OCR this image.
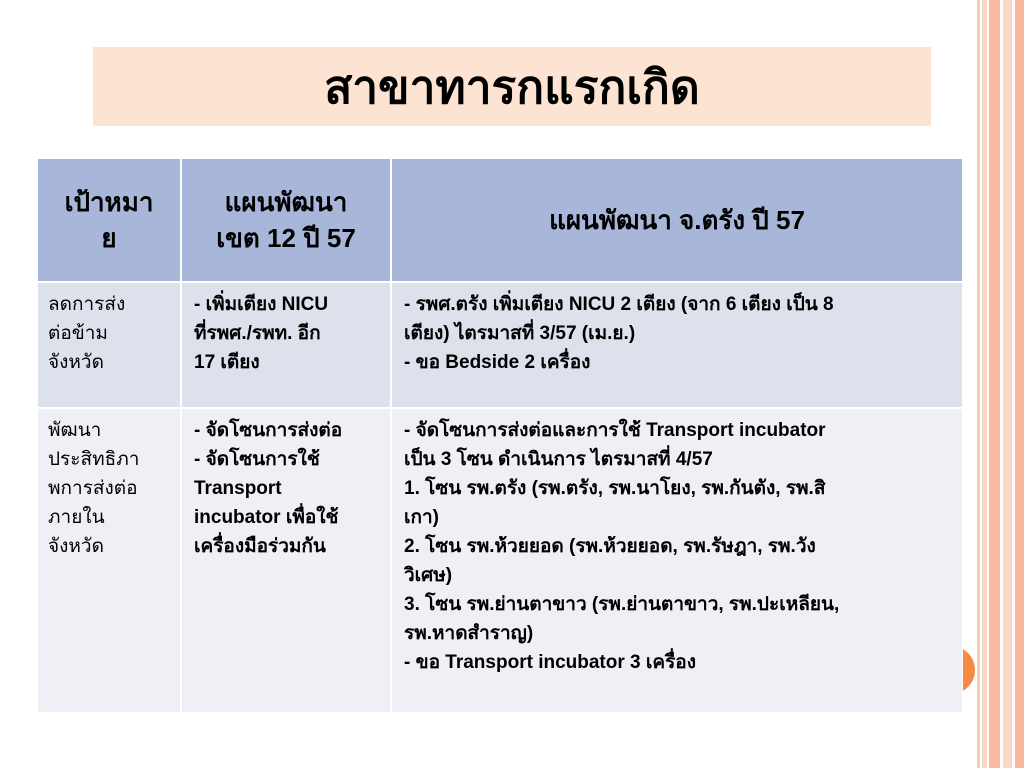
สาขาทารกแรกเกิด
เป้าหมา
ย
แผนพัฒนา
เขต 12 ปี 57
แผนพัฒนา จ.ตรัง ปี 57
ลดการส่ง
ต่อข้าม
จังหวัด
- เพิ่มเตียง NICU
ที่รพศ./รพท. อีก
17 เตียง
- รพศ.ตรัง เพิ่มเตียง NICU 2 เตียง (จาก 6 เตียง เป็น 8
เตียง) ไตรมาสที่ 3/57 (เม.ย.)
- ขอ Bedside 2 เครื่อง
พัฒนา
ประสิทธิภา
พการส่งต่อ
ภายใน
จังหวัด
- จัดโซนการส่งต่อ
- จัดโซนการใช้
Transport
incubator เพื่อใช้
เครื่องมือร่วมกัน
- จัดโซนการส่งต่อและการใช้ Transport incubator
เป็น 3 โซน ดำเนินการ ไตรมาสที่ 4/57
1. โซน รพ.ตรัง (รพ.ตรัง, รพ.นาโยง, รพ.กันตัง, รพ.สิ
เกา)
2. โซน รพ.ห้วยยอด (รพ.ห้วยยอด, รพ.รัษฎา, รพ.วัง
วิเศษ)
3. โซน รพ.ย่านตาขาว (รพ.ย่านตาขาว, รพ.ปะเหลียน,
รพ.หาดสำราญ)
- ขอ Transport incubator 3 เครื่อง
